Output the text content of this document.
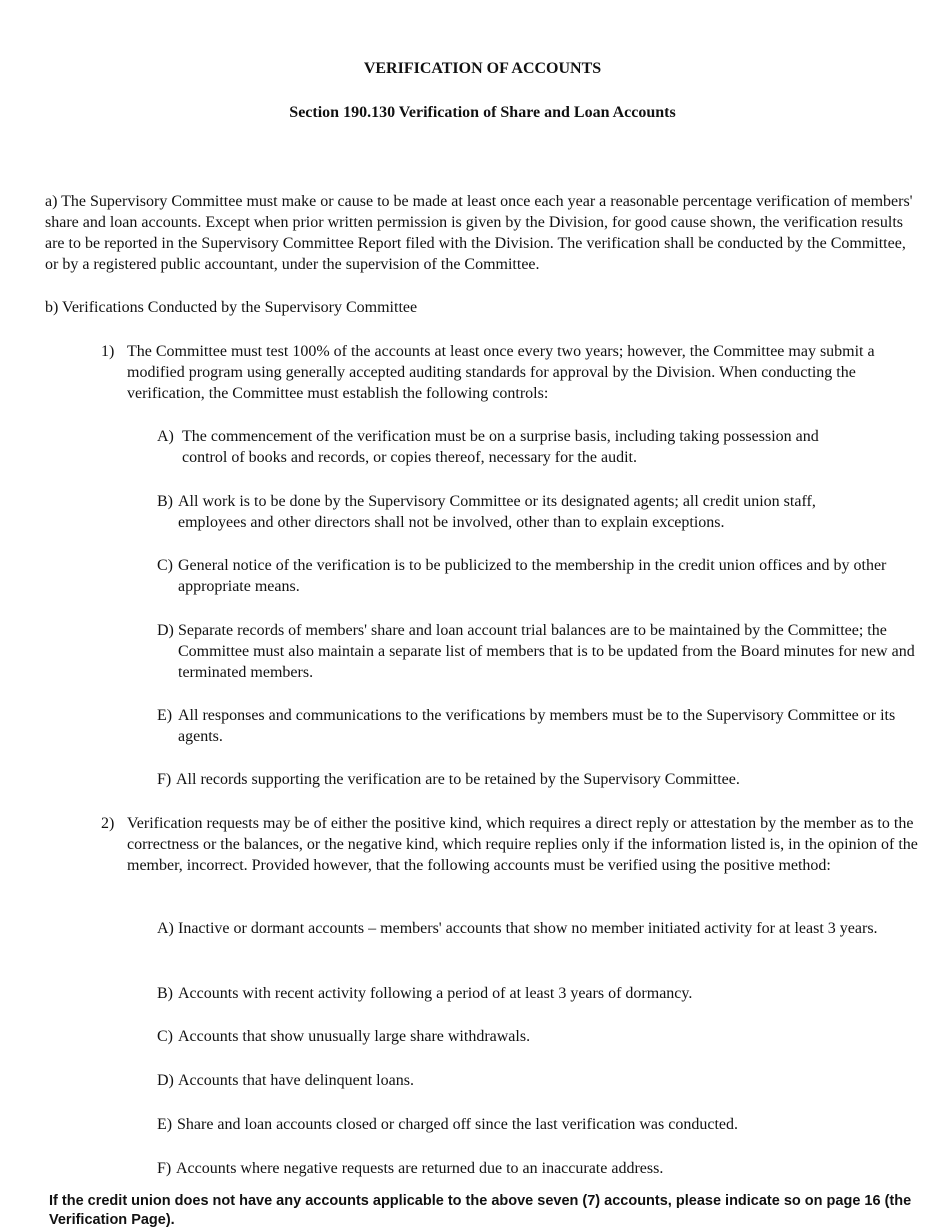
VERIFICATION OF ACCOUNTS
Section 190.130 Verification of Share and Loan Accounts
a) The Supervisory Committee must make or cause to be made at least once each year a reasonable percentage verification of members' share and loan accounts. Except when prior written permission is given by the Division, for good cause shown, the verification results are to be reported in the Supervisory Committee Report filed with the Division. The verification shall be conducted by the Committee, or by a registered public accountant, under the supervision of the Committee.
b) Verifications Conducted by the Supervisory Committee
1) The Committee must test 100% of the accounts at least once every two years; however, the Committee may submit a modified program using generally accepted auditing standards for approval by the Division. When conducting the verification, the Committee must establish the following controls:
A) The commencement of the verification must be on a surprise basis, including taking possession and control of books and records, or copies thereof, necessary for the audit.
B) All work is to be done by the Supervisory Committee or its designated agents; all credit union staff, employees and other directors shall not be involved, other than to explain exceptions.
C) General notice of the verification is to be publicized to the membership in the credit union offices and by other appropriate means.
D) Separate records of members' share and loan account trial balances are to be maintained by the Committee; the Committee must also maintain a separate list of members that is to be updated from the Board minutes for new and terminated members.
E) All responses and communications to the verifications by members must be to the Supervisory Committee or its agents.
F) All records supporting the verification are to be retained by the Supervisory Committee.
2) Verification requests may be of either the positive kind, which requires a direct reply or attestation by the member as to the correctness or the balances, or the negative kind, which require replies only if the information listed is, in the opinion of the member, incorrect. Provided however, that the following accounts must be verified using the positive method:
A) Inactive or dormant accounts – members' accounts that show no member initiated activity for at least 3 years.
B) Accounts with recent activity following a period of at least 3 years of dormancy.
C) Accounts that show unusually large share withdrawals.
D) Accounts that have delinquent loans.
E) Share and loan accounts closed or charged off since the last verification was conducted.
F) Accounts where negative requests are returned due to an inaccurate address.
If the credit union does not have any accounts applicable to the above seven (7) accounts, please indicate so on page 16 (the Verification Page).
